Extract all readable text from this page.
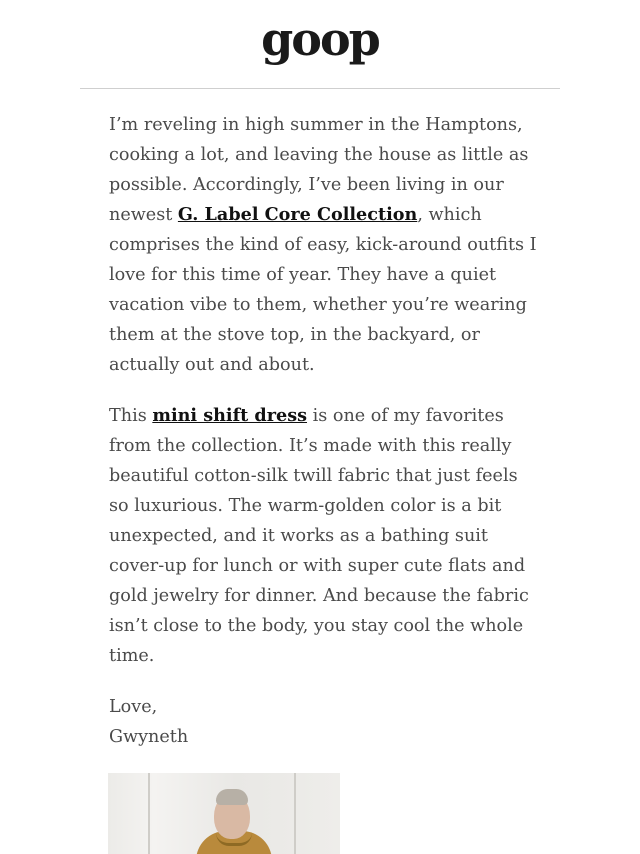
goop

I’m reveling in high summer in the Hamptons, cooking a lot, and leaving the house as little as possible. Accordingly, I’ve been living in our newest G. Label Core Collection, which comprises the kind of easy, kick-around outfits I love for this time of year. They have a quiet vacation vibe to them, whether you’re wearing them at the stove top, in the backyard, or actually out and about.

This mini shift dress is one of my favorites from the collection. It’s made with this really beautiful cotton-silk twill fabric that just feels so luxurious. The warm-golden color is a bit unexpected, and it works as a bathing suit cover-up for lunch or with super cute flats and gold jewelry for dinner. And because the fabric isn’t close to the body, you stay cool the whole time.

Love,
Gwyneth
